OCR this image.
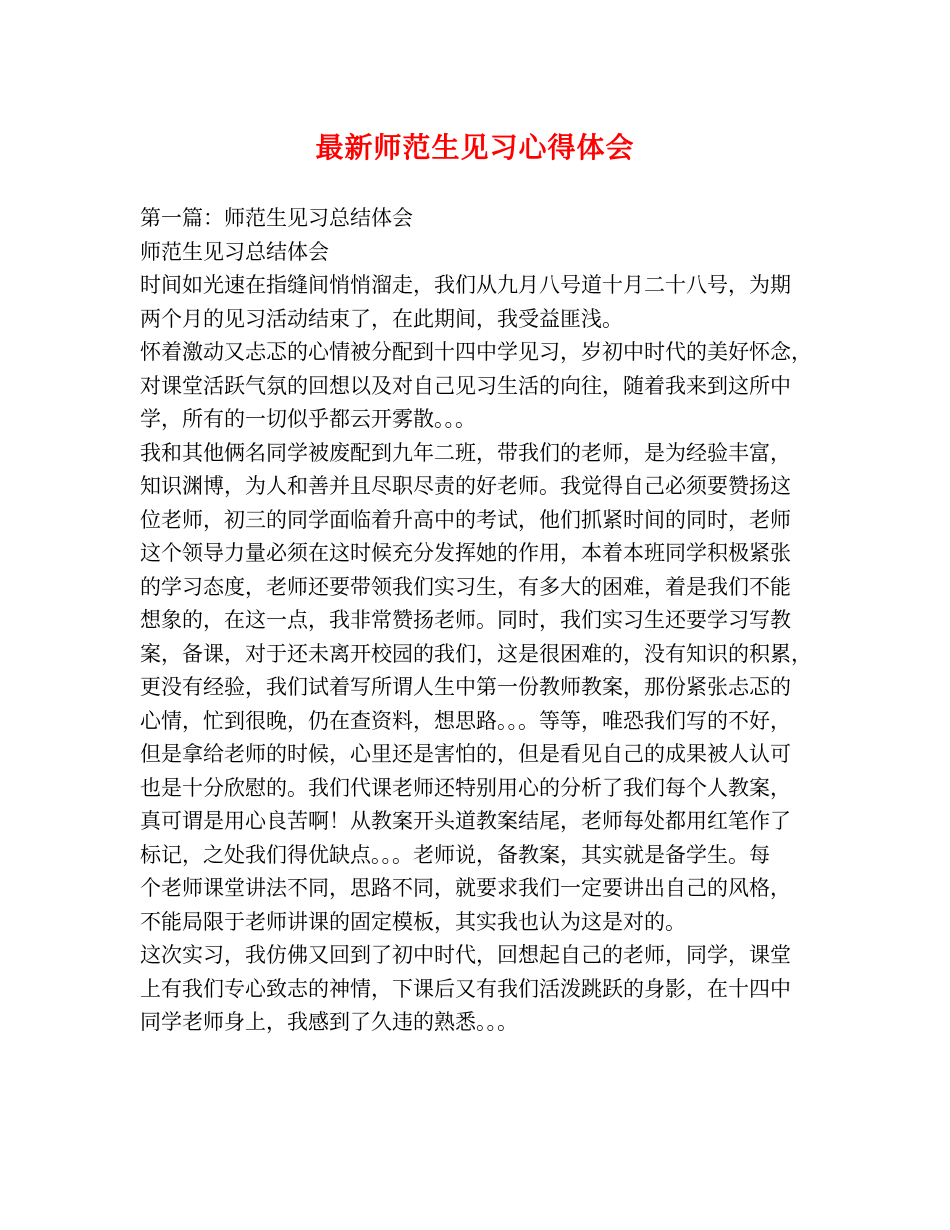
最新师范生见习心得体会
第一篇：师范生见习总结体会
师范生见习总结体会
时间如光速在指缝间悄悄溜走，我们从九月八号道十月二十八号，为期
两个月的见习活动结束了，在此期间，我受益匪浅。
怀着激动又忐忑的心情被分配到十四中学见习，岁初中时代的美好怀念，
对课堂活跃气氛的回想以及对自己见习生活的向往，随着我来到这所中
学，所有的一切似乎都云开雾散。。。
我和其他俩名同学被废配到九年二班，带我们的老师，是为经验丰富，
知识渊博，为人和善并且尽职尽责的好老师。我觉得自己必须要赞扬这
位老师，初三的同学面临着升高中的考试，他们抓紧时间的同时，老师
这个领导力量必须在这时候充分发挥她的作用，本着本班同学积极紧张
的学习态度，老师还要带领我们实习生，有多大的困难，着是我们不能
想象的，在这一点，我非常赞扬老师。同时，我们实习生还要学习写教
案，备课，对于还未离开校园的我们，这是很困难的，没有知识的积累，
更没有经验，我们试着写所谓人生中第一份教师教案，那份紧张忐忑的
心情，忙到很晚，仍在查资料，想思路。。。等等，唯恐我们写的不好，
但是拿给老师的时候，心里还是害怕的，但是看见自己的成果被人认可
也是十分欣慰的。我们代课老师还特别用心的分析了我们每个人教案，
真可谓是用心良苦啊！从教案开头道教案结尾，老师每处都用红笔作了
标记，之处我们得优缺点。。。老师说，备教案，其实就是备学生。每
个老师课堂讲法不同，思路不同，就要求我们一定要讲出自己的风格，
不能局限于老师讲课的固定模板，其实我也认为这是对的。
这次实习，我仿佛又回到了初中时代，回想起自己的老师，同学，课堂
上有我们专心致志的神情，下课后又有我们活泼跳跃的身影，在十四中
同学老师身上，我感到了久违的熟悉。。。
